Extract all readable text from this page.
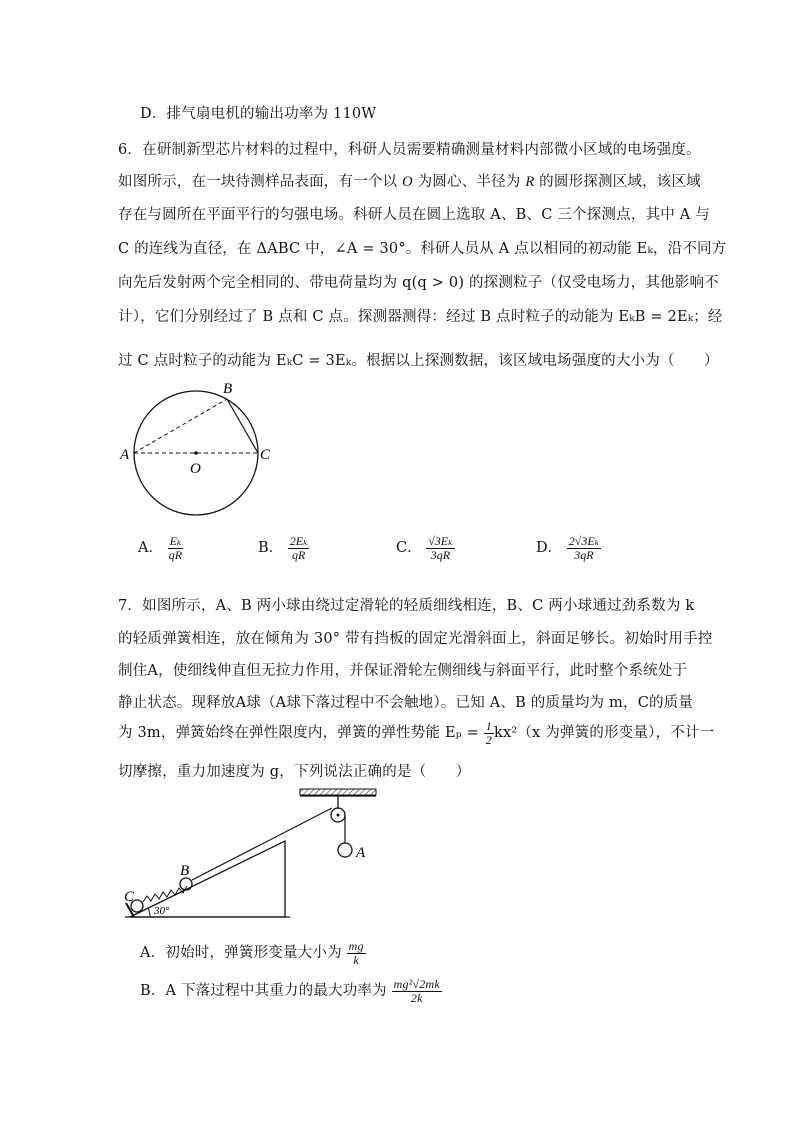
D．排气扇电机的输出功率为 110W
6．在研制新型芯片材料的过程中，科研人员需要精确测量材料内部微小区域的电场强度。
如图所示，在一块待测样品表面，有一个以 O 为圆心、半径为 R 的圆形探测区域，该区域
存在与圆所在平面平行的匀强电场。科研人员在圆上选取 A、B、C 三个探测点，其中 A 与
C 的连线为直径，在 ΔABC 中，∠A = 30°。科研人员从 A 点以相同的初动能 Eₖ，沿不同方
向先后发射两个完全相同的、带电荷量均为 q(q > 0) 的探测粒子（仅受电场力，其他影响不
计），它们分别经过了 B 点和 C 点。探测器测得：经过 B 点时粒子的动能为 EₖB = 2Eₖ；经
过 C 点时粒子的动能为 EₖC = 3Eₖ。根据以上探测数据，该区域电场强度的大小为（　　）
A
B
C
O
A． $\frac{\text{Eₖ}}{qR}$	B． $\frac{\text{2Eₖ}}{qR}$	C． $\frac{\text{√3Eₖ}}{3qR}$	D． $\frac{\text{2√3Eₖ}}{3qR}$
7．如图所示，A、B 两小球由绕过定滑轮的轻质细线相连，B、C 两小球通过劲系数为 k
的轻质弹簧相连，放在倾角为 30° 带有挡板的固定光滑斜面上，斜面足够长。初始时用手控
制住A，使细线伸直但无拉力作用，并保证滑轮左侧细线与斜面平行，此时整个系统处于
静止状态。现释放A球（A球下落过程中不会触地）。已知 A、B 的质量均为 m，C的质量
为 3m，弹簧始终在弹性限度内，弹簧的弹性势能 $E_p = \frac{1}{2} kx^2(x$ 为弹簧的形变量），不计一
切摩擦，重力加速度为 g，下列说法正确的是（　　）
A
C
B
30°
A．初始时，弹簧形变量大小为 $\frac{mg}{k}$
B．A 下落过程中其重力的最大功率为 $\frac{\text{mg²√2mk}}{2k}$
